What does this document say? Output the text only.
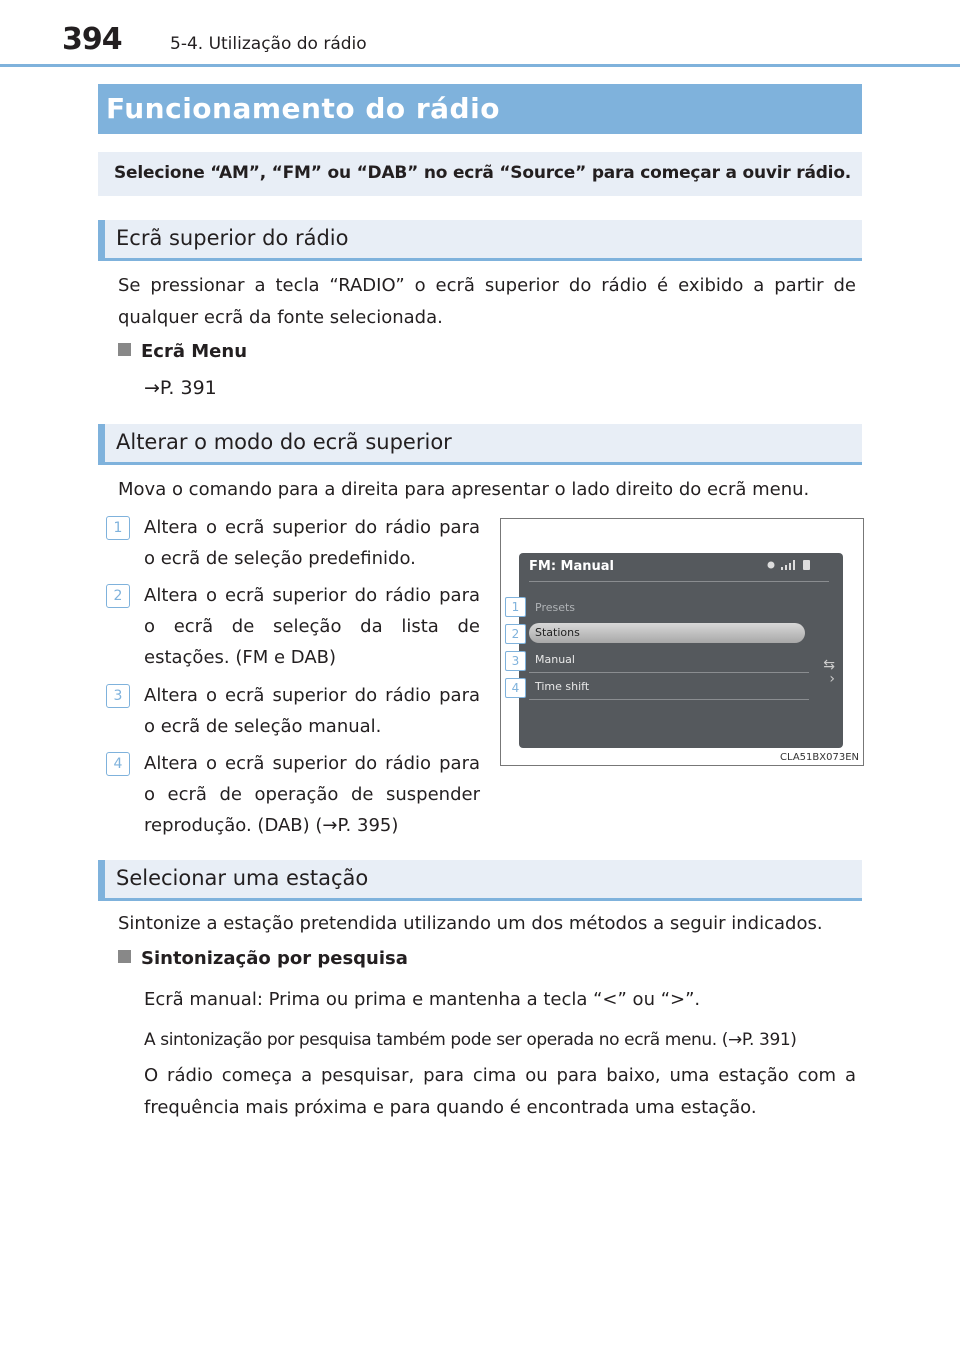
394	5-4. Utilização do rádio
Funcionamento do rádio
Selecione “AM”, “FM” ou “DAB” no ecrã “Source” para começar a ouvir rádio.
Ecrã superior do rádio
Se pressionar a tecla “RADIO” o ecrã superior do rádio é exibido a partir de qualquer ecrã da fonte selecionada.
Ecrã Menu
→P. 391
Alterar o modo do ecrã superior
Mova o comando para a direita para apresentar o lado direito do ecrã menu.
1	Altera o ecrã superior do rádio para o ecrã de seleção predefinido.
2	Altera o ecrã superior do rádio para o ecrã de seleção da lista de estações. (FM e DAB)
3	Altera o ecrã superior do rádio para o ecrã de seleção manual.
4	Altera o ecrã superior do rádio para o ecrã de operação de suspender reprodução. (DAB) (→P. 395)
FM: Manual
Presets
Stations
Manual
Time shift
⇆
›
1
2
3
4
CLA51BX073EN
Selecionar uma estação
Sintonize a estação pretendida utilizando um dos métodos a seguir indicados.
Sintonização por pesquisa
Ecrã manual: Prima ou prima e mantenha a tecla “<” ou “>”.
A sintonização por pesquisa também pode ser operada no ecrã menu. (→P. 391)
O rádio começa a pesquisar, para cima ou para baixo, uma estação com a frequência mais próxima e para quando é encontrada uma estação.
